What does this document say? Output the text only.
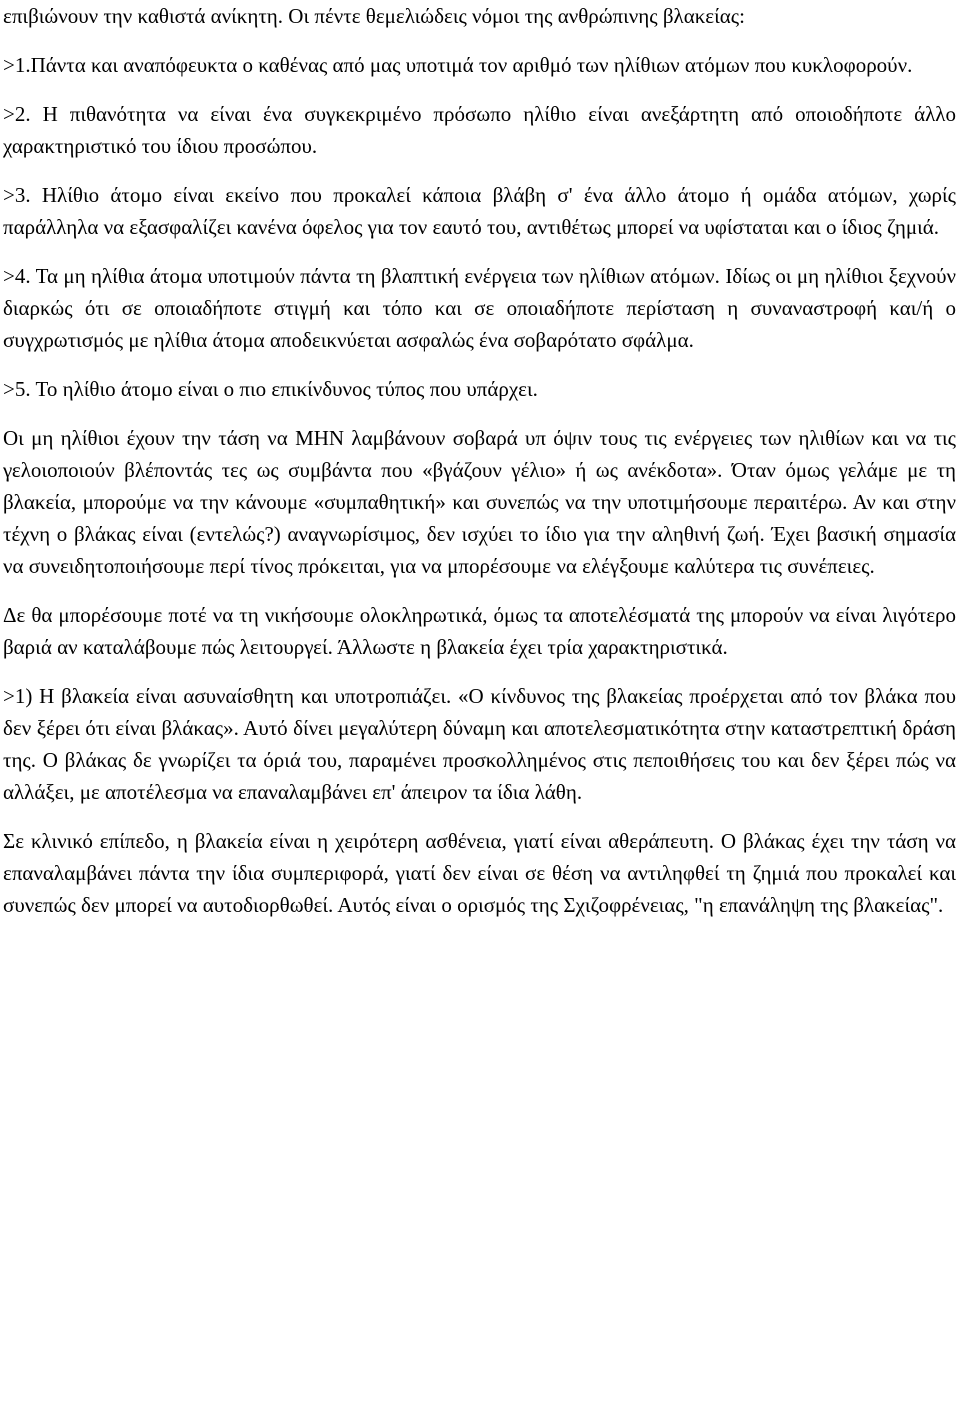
επιβιώνουν την καθιστά ανίκητη. Οι πέντε θεμελιώδεις νόμοι της ανθρώπινης βλακείας:

>1.Πάντα και αναπόφευκτα ο καθένας από μας υποτιμά τον αριθμό των ηλίθιων ατόμων που κυκλοφορούν.

>2. Η πιθανότητα να είναι ένα συγκεκριμένο πρόσωπο ηλίθιο είναι ανεξάρτητη από οποιοδήποτε άλλο χαρακτηριστικό του ίδιου προσώπου.

>3. Ηλίθιο άτομο είναι εκείνο που προκαλεί κάποια βλάβη σ' ένα άλλο άτομο ή ομάδα ατόμων, χωρίς παράλληλα να εξασφαλίζει κανένα όφελος για τον εαυτό του, αντιθέτως μπορεί να υφίσταται και ο ίδιος ζημιά.

>4. Τα μη ηλίθια άτομα υποτιμούν πάντα τη βλαπτική ενέργεια των ηλίθιων ατόμων. Ιδίως οι μη ηλίθιοι ξεχνούν διαρκώς ότι σε οποιαδήποτε στιγμή και τόπο και σε οποιαδήποτε περίσταση η συναναστροφή και/ή ο συγχρωτισμός με ηλίθια άτομα αποδεικνύεται ασφαλώς ένα σοβαρότατο σφάλμα.

>5. Το ηλίθιο άτομο είναι ο πιο επικίνδυνος τύπος που υπάρχει.

Οι μη ηλίθιοι έχουν την τάση να ΜΗΝ λαμβάνουν σοβαρά υπ όψιν τους τις ενέργειες των ηλιθίων και να τις γελοιοποιούν βλέποντάς τες ως συμβάντα που «βγάζουν γέλιο» ή ως ανέκδοτα». Όταν όμως γελάμε με τη βλακεία, μπορούμε να την κάνουμε «συμπαθητική» και συνεπώς να την υποτιμήσουμε περαιτέρω. Αν και στην τέχνη ο βλάκας είναι (εντελώς?) αναγνωρίσιμος, δεν ισχύει το ίδιο για την αληθινή ζωή. Έχει βασική σημασία να συνειδητοποιήσουμε περί τίνος πρόκειται, για να μπορέσουμε να ελέγξουμε καλύτερα τις συνέπειες.

Δε θα μπορέσουμε ποτέ να τη νικήσουμε ολοκληρωτικά, όμως τα αποτελέσματά της μπορούν να είναι λιγότερο βαριά αν καταλάβουμε πώς λειτουργεί. Άλλωστε η βλακεία έχει τρία χαρακτηριστικά.

>1) Η βλακεία είναι ασυναίσθητη και υποτροπιάζει. «Ο κίνδυνος της βλακείας προέρχεται από τον βλάκα που δεν ξέρει ότι είναι βλάκας». Αυτό δίνει μεγαλύτερη δύναμη και αποτελεσματικότητα στην καταστρεπτική δράση της. Ο βλάκας δε γνωρίζει τα όριά του, παραμένει προσκολλημένος στις πεποιθήσεις του και δεν ξέρει πώς να αλλάξει, με αποτέλεσμα να επαναλαμβάνει επ' άπειρον τα ίδια λάθη.

Σε κλινικό επίπεδο, η βλακεία είναι η χειρότερη ασθένεια, γιατί είναι αθεράπευτη. Ο βλάκας έχει την τάση να επαναλαμβάνει πάντα την ίδια συμπεριφορά, γιατί δεν είναι σε θέση να αντιληφθεί τη ζημιά που προκαλεί και συνεπώς δεν μπορεί να αυτοδιορθωθεί. Αυτός είναι ο ορισμός της Σχιζοφρένειας, "η επανάληψη της βλακείας".
